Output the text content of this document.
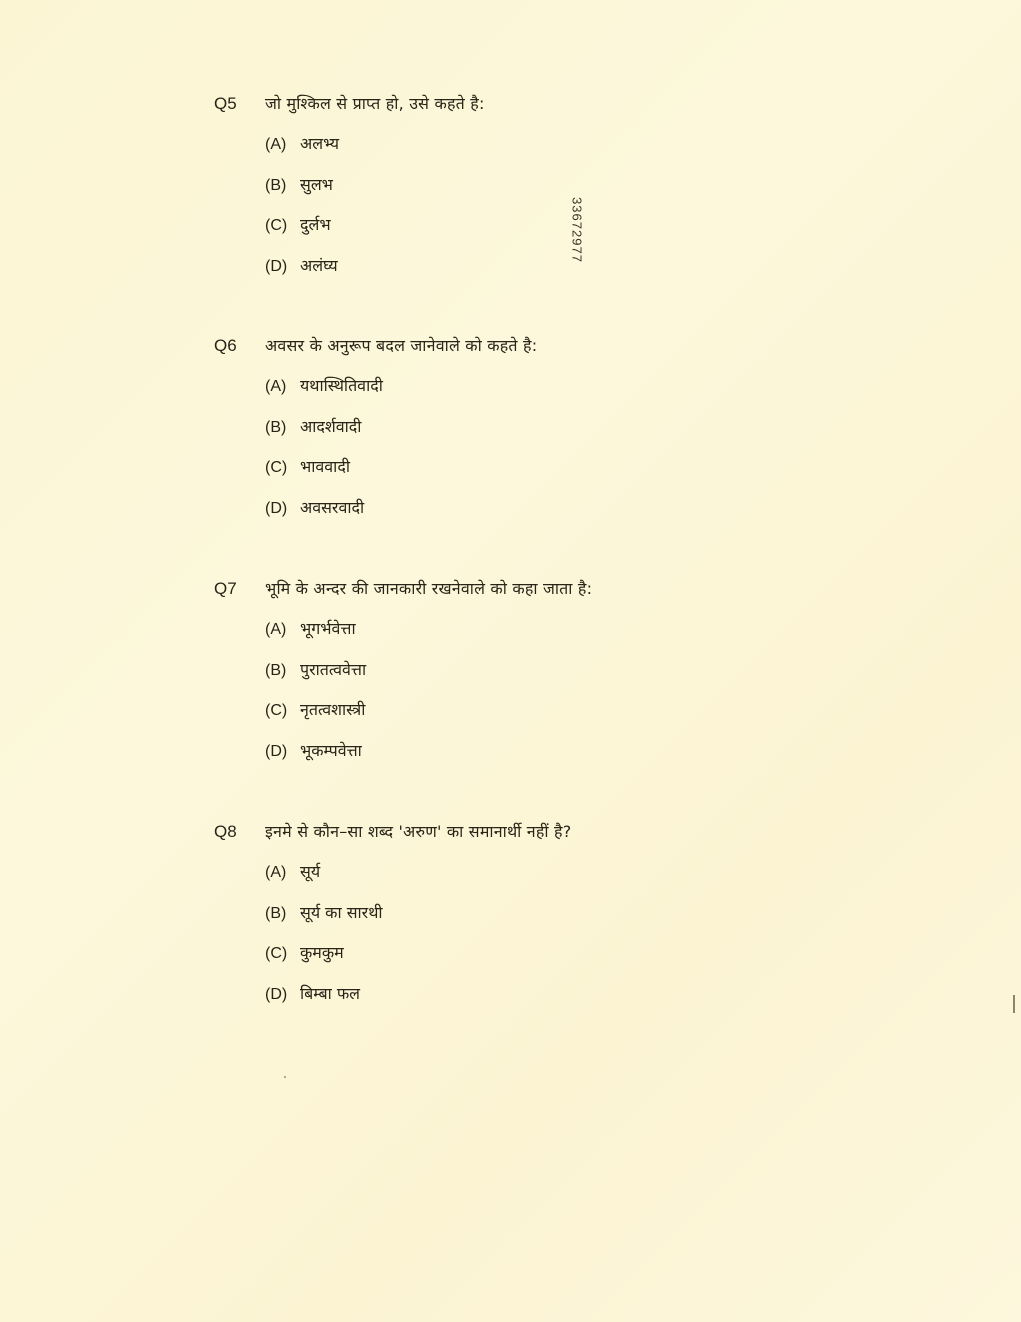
33672977
Q5	जो मुश्किल से प्राप्त हो, उसे कहते है:
(A) अलभ्य
(B) सुलभ
(C) दुर्लभ
(D) अलंघ्य
Q6	अवसर के अनुरूप बदल जानेवाले को कहते है:
(A) यथास्थितिवादी
(B) आदर्शवादी
(C) भाववादी
(D) अवसरवादी
Q7	भूमि के अन्दर की जानकारी रखनेवाले को कहा जाता है:
(A) भूगर्भवेत्ता
(B) पुरातत्ववेत्ता
(C) नृतत्वशास्त्री
(D) भूकम्पवेत्ता
Q8	इनमे से कौन–सा शब्द 'अरुण' का समानार्थी नहीं है?
(A) सूर्य
(B) सूर्य का सारथी
(C) कुमकुम
(D) बिम्बा फल
